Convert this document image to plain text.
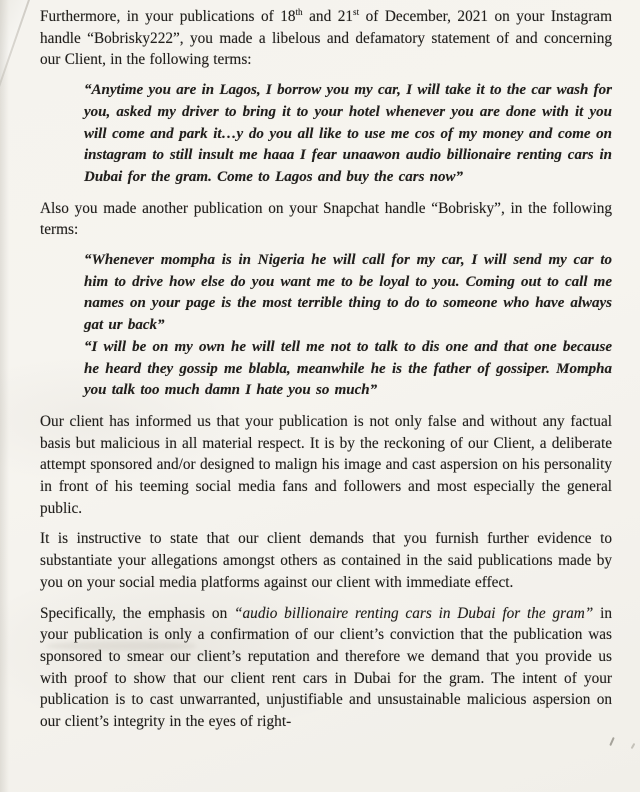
Furthermore, in your publications of 18th and 21st of December, 2021 on your Instagram handle “Bobrisky222”, you made a libelous and defamatory statement of and concerning our Client, in the following terms:

“Anytime you are in Lagos, I borrow you my car, I will take it to the car wash for you, asked my driver to bring it to your hotel whenever you are done with it you will come and park it…y do you all like to use me cos of my money and come on instagram to still insult me haaa I fear unaawon audio billionaire renting cars in Dubai for the gram. Come to Lagos and buy the cars now”

Also you made another publication on your Snapchat handle “Bobrisky”, in the following terms:

“Whenever mompha is in Nigeria he will call for my car, I will send my car to him to drive how else do you want me to be loyal to you. Coming out to call me names on your page is the most terrible thing to do to someone who have always gat ur back”

“I will be on my own he will tell me not to talk to dis one and that one because he heard they gossip me blabla, meanwhile he is the father of gossiper. Mompha you talk too much damn I hate you so much”

Our client has informed us that your publication is not only false and without any factual basis but malicious in all material respect. It is by the reckoning of our Client, a deliberate attempt sponsored and/or designed to malign his image and cast aspersion on his personality in front of his teeming social media fans and followers and most especially the general public.

It is instructive to state that our client demands that you furnish further evidence to substantiate your allegations amongst others as contained in the said publications made by you on your social media platforms against our client with immediate effect.

Specifically, the emphasis on “audio billionaire renting cars in Dubai for the gram” in your publication is only a confirmation of our client’s conviction that the publication was sponsored to smear our client’s reputation and therefore we demand that you provide us with proof to show that our client rent cars in Dubai for the gram. The intent of your publication is to cast unwarranted, unjustifiable and unsustainable malicious aspersion on our client’s integrity in the eyes of right-
